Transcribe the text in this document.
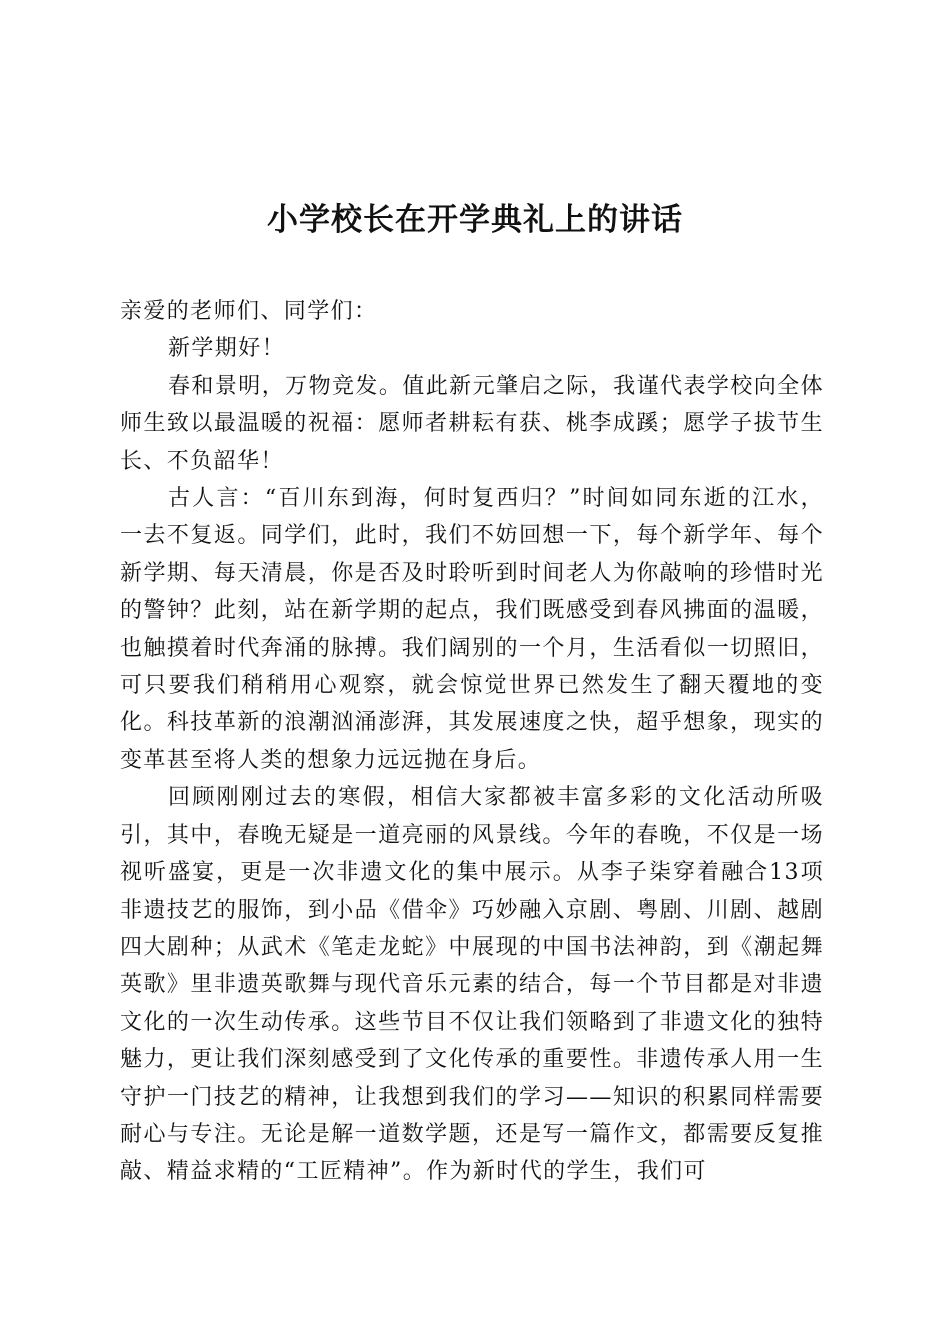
小学校长在开学典礼上的讲话

亲爱的老师们、同学们：

新学期好！

春和景明，万物竞发。值此新元肇启之际，我谨代表学校向全体师生致以最温暖的祝福：愿师者耕耘有获、桃李成蹊；愿学子拔节生长、不负韶华！

古人言：“百川东到海，何时复西归？”时间如同东逝的江水，一去不复返。同学们，此时，我们不妨回想一下，每个新学年、每个新学期、每天清晨，你是否及时聆听到时间老人为你敲响的珍惜时光的警钟？此刻，站在新学期的起点，我们既感受到春风拂面的温暖，也触摸着时代奔涌的脉搏。我们阔别的一个月，生活看似一切照旧，可只要我们稍稍用心观察，就会惊觉世界已然发生了翻天覆地的变化。科技革新的浪潮汹涌澎湃，其发展速度之快，超乎想象，现实的变革甚至将人类的想象力远远抛在身后。

回顾刚刚过去的寒假，相信大家都被丰富多彩的文化活动所吸引，其中，春晚无疑是一道亮丽的风景线。今年的春晚，不仅是一场视听盛宴，更是一次非遗文化的集中展示。从李子柒穿着融合13项非遗技艺的服饰，到小品《借伞》巧妙融入京剧、粤剧、川剧、越剧四大剧种；从武术《笔走龙蛇》中展现的中国书法神韵，到《潮起舞英歌》里非遗英歌舞与现代音乐元素的结合，每一个节目都是对非遗文化的一次生动传承。这些节目不仅让我们领略到了非遗文化的独特魅力，更让我们深刻感受到了文化传承的重要性。非遗传承人用一生守护一门技艺的精神，让我想到我们的学习——知识的积累同样需要耐心与专注。无论是解一道数学题，还是写一篇作文，都需要反复推敲、精益求精的“工匠精神”。作为新时代的学生，我们可
